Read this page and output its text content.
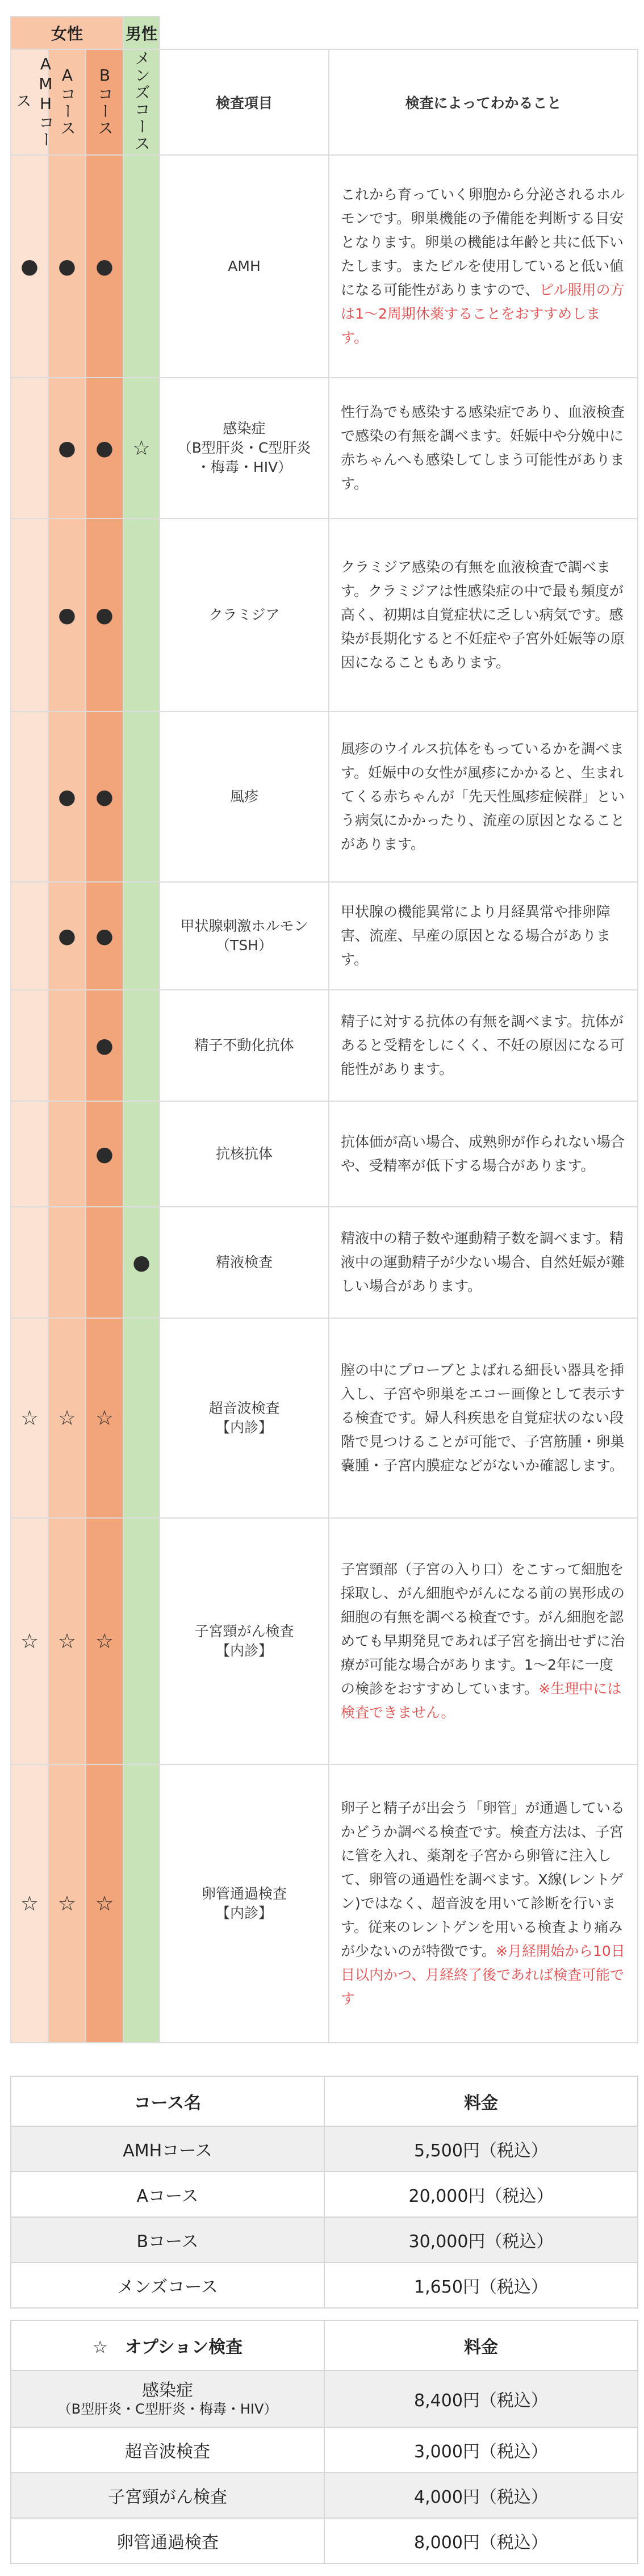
女性			男性		
AMHコース	Aコース	Bコース	メンズコース	検査項目	検査によってわかること
●	●	●		AMH	これから育っていく卵胞から分泌されるホルモンです。卵巣機能の予備能を判断する目安となります。卵巣の機能は年齢と共に低下いたします。またピルを使用していると低い値になる可能性がありますので、ピル服用の方は1〜2周期休薬することをおすすめします。
	●	●	☆	感染症
（B型肝炎・C型肝炎
・梅毒・HIV）	性行為でも感染する感染症であり、血液検査で感染の有無を調べます。妊娠中や分娩中に赤ちゃんへも感染してしまう可能性があります。
	●	●		クラミジア	クラミジア感染の有無を血液検査で調べます。クラミジアは性感染症の中で最も頻度が高く、初期は自覚症状に乏しい病気です。感染が長期化すると不妊症や子宮外妊娠等の原因になることもあります。
	●	●		風疹	風疹のウイルス抗体をもっているかを調べます。妊娠中の女性が風疹にかかると、生まれてくる赤ちゃんが「先天性風疹症候群」という病気にかかったり、流産の原因となることがあります。
	●	●		甲状腺刺激ホルモン
（TSH）	甲状腺の機能異常により月経異常や排卵障害、流産、早産の原因となる場合があります。
		●		精子不動化抗体	精子に対する抗体の有無を調べます。抗体があると受精をしにくく、不妊の原因になる可能性があります。
		●		抗核抗体	抗体価が高い場合、成熟卵が作られない場合や、受精率が低下する場合があります。
			●	精液検査	精液中の精子数や運動精子数を調べます。精液中の運動精子が少ない場合、自然妊娠が難しい場合があります。
☆	☆	☆		超音波検査
【内診】	膣の中にプローブとよばれる細長い器具を挿入し、子宮や卵巣をエコー画像として表示する検査です。婦人科疾患を自覚症状のない段階で見つけることが可能で、子宮筋腫・卵巣嚢腫・子宮内膜症などがないか確認します。
☆	☆	☆		子宮頸がん検査
【内診】	子宮頸部（子宮の入り口）をこすって細胞を採取し、がん細胞やがんになる前の異形成の細胞の有無を調べる検査です。がん細胞を認めても早期発見であれば子宮を摘出せずに治療が可能な場合があります。1〜2年に一度の検診をおすすめしています。※生理中には検査できません。
☆	☆	☆		卵管通過検査
【内診】	卵子と精子が出会う「卵管」が通過しているかどうか調べる検査です。検査方法は、子宮に管を入れ、薬剤を子宮から卵管に注入して、卵管の通過性を調べます。X線(レントゲン)ではなく、超音波を用いて診断を行います。従来のレントゲンを用いる検査より痛みが少ないのが特徴です。※月経開始から10日目以内かつ、月経終了後であれば検査可能です
コース名	料金
AMHコース	5,500円（税込）
Aコース	20,000円（税込）
Bコース	30,000円（税込）
メンズコース	1,650円（税込）
☆　オプション検査	料金

感染症
（B型肝炎・C型肝炎・梅毒・HIV）	8,400円（税込）

超音波検査	3,000円（税込）

子宮頸がん検査	4,000円（税込）

卵管通過検査	8,000円（税込）
